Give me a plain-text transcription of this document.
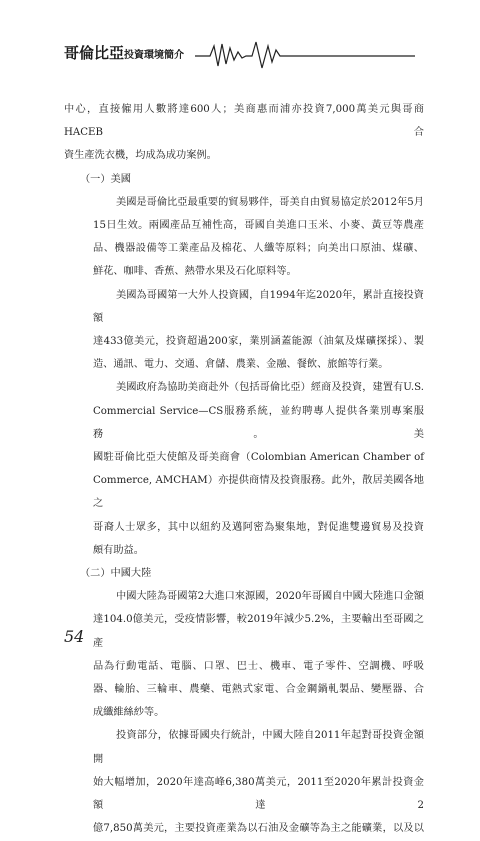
哥倫比亞投資環境簡介

中心，直接僱用人數將達600人；美商惠而浦亦投資7,000萬美元與哥商HACEB合

資生產洗衣機，均成為成功案例。

（一）美國

美國是哥倫比亞最重要的貿易夥伴，哥美自由貿易協定於2012年5月

15日生效。兩國產品互補性高，哥國自美進口玉米、小麥、黃豆等農產

品、機器設備等工業產品及棉花、人纖等原料；向美出口原油、煤礦、

鮮花、咖啡、香蕉、熱帶水果及石化原料等。

美國為哥國第一大外人投資國，自1994年迄2020年，累計直接投資額

達433億美元，投資超過200家，業別涵蓋能源（油氣及煤礦探採）、製

造、通訊、電力、交通、倉儲、農業、金融、餐飲、旅館等行業。

美國政府為協助美商赴外（包括哥倫比亞）經商及投資，建置有U.S.

Commercial Service—CS服務系統，並約聘專人提供各業別專案服務。美

國駐哥倫比亞大使館及哥美商會（Colombian American Chamber of

Commerce, AMCHAM）亦提供商情及投資服務。此外，散居美國各地之

哥裔人士眾多，其中以紐約及邁阿密為聚集地，對促進雙邊貿易及投資

頗有助益。

（二）中國大陸

中國大陸為哥國第2大進口來源國，2020年哥國自中國大陸進口金額

達104.0億美元，受疫情影響，較2019年減少5.2%，主要輸出至哥國之產

品為行動電話、電腦、口罩、巴士、機車、電子零件、空調機、呼吸

器、輪胎、三輪車、農藥、電熱式家電、合金鋼鍋軋製品、變壓器、合

成纖維絲紗等。

投資部分，依據哥國央行統計，中國大陸自2011年起對哥投資金額開

始大幅增加，2020年達高峰6,380萬美元，2011至2020年累計投資金額達2

億7,850萬美元，主要投資產業為以石油及金礦等為主之能礦業，以及以

54
